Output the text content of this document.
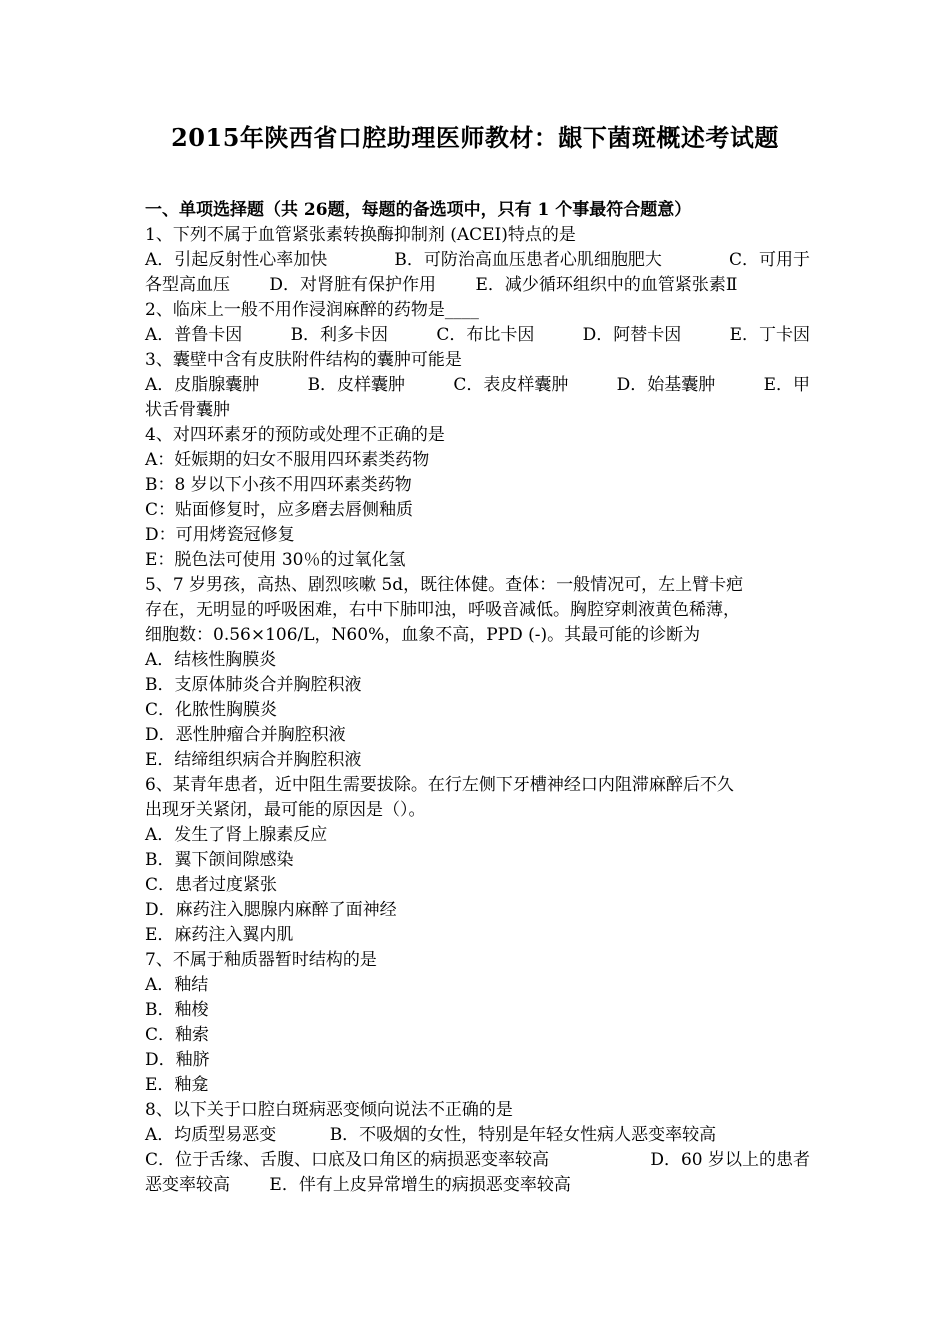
2015年陕西省口腔助理医师教材：龈下菌斑概述考试题
一、单项选择题（共 26题，每题的备选项中，只有 1 个事最符合题意）
1、下列不属于血管紧张素转换酶抑制剂 (ACEI)特点的是
A．引起反射性心率加快	B．可防治高血压患者心肌细胞肥大	C．可用于
各型高血压 D．对肾脏有保护作用 E．减少循环组织中的血管紧张素Ⅱ
2、临床上一般不用作浸润麻醉的药物是____
A．普鲁卡因	B．利多卡因	C．布比卡因	D．阿替卡因	E．丁卡因
3、囊壁中含有皮肤附件结构的囊肿可能是
A．皮脂腺囊肿	B．皮样囊肿	C．表皮样囊肿	D．始基囊肿	E．甲
状舌骨囊肿
4、对四环素牙的预防或处理不正确的是
A：妊娠期的妇女不服用四环素类药物
B：8 岁以下小孩不用四环素类药物
C：贴面修复时，应多磨去唇侧釉质
D：可用烤瓷冠修复
E：脱色法可使用 30％的过氧化氢
5、7 岁男孩，高热、剧烈咳嗽 5d，既往体健。查体：一般情况可，左上臂卡疤
存在，无明显的呼吸困难，右中下肺叩浊，呼吸音减低。胸腔穿刺液黄色稀薄，
细胞数：0.56×106/L，N60%，血象不高，PPD (-)。其最可能的诊断为
A．结核性胸膜炎
B．支原体肺炎合并胸腔积液
C．化脓性胸膜炎
D．恶性肿瘤合并胸腔积液
E．结缔组织病合并胸腔积液
6、某青年患者，近中阻生需要拔除。在行左侧下牙槽神经口内阻滞麻醉后不久
出现牙关紧闭，最可能的原因是（）。
A．发生了肾上腺素反应
B．翼下颌间隙感染
C．患者过度紧张
D．麻药注入腮腺内麻醉了面神经
E．麻药注入翼内肌
7、不属于釉质器暂时结构的是
A．釉结
B．釉梭
C．釉索
D．釉脐
E．釉龛
8、以下关于口腔白斑病恶变倾向说法不正确的是
A．均质型易恶变	B．不吸烟的女性，特别是年轻女性病人恶变率较高
C．位于舌缘、舌腹、口底及口角区的病损恶变率较高	D．60 岁以上的患者
恶变率较高 E．伴有上皮异常增生的病损恶变率较高
